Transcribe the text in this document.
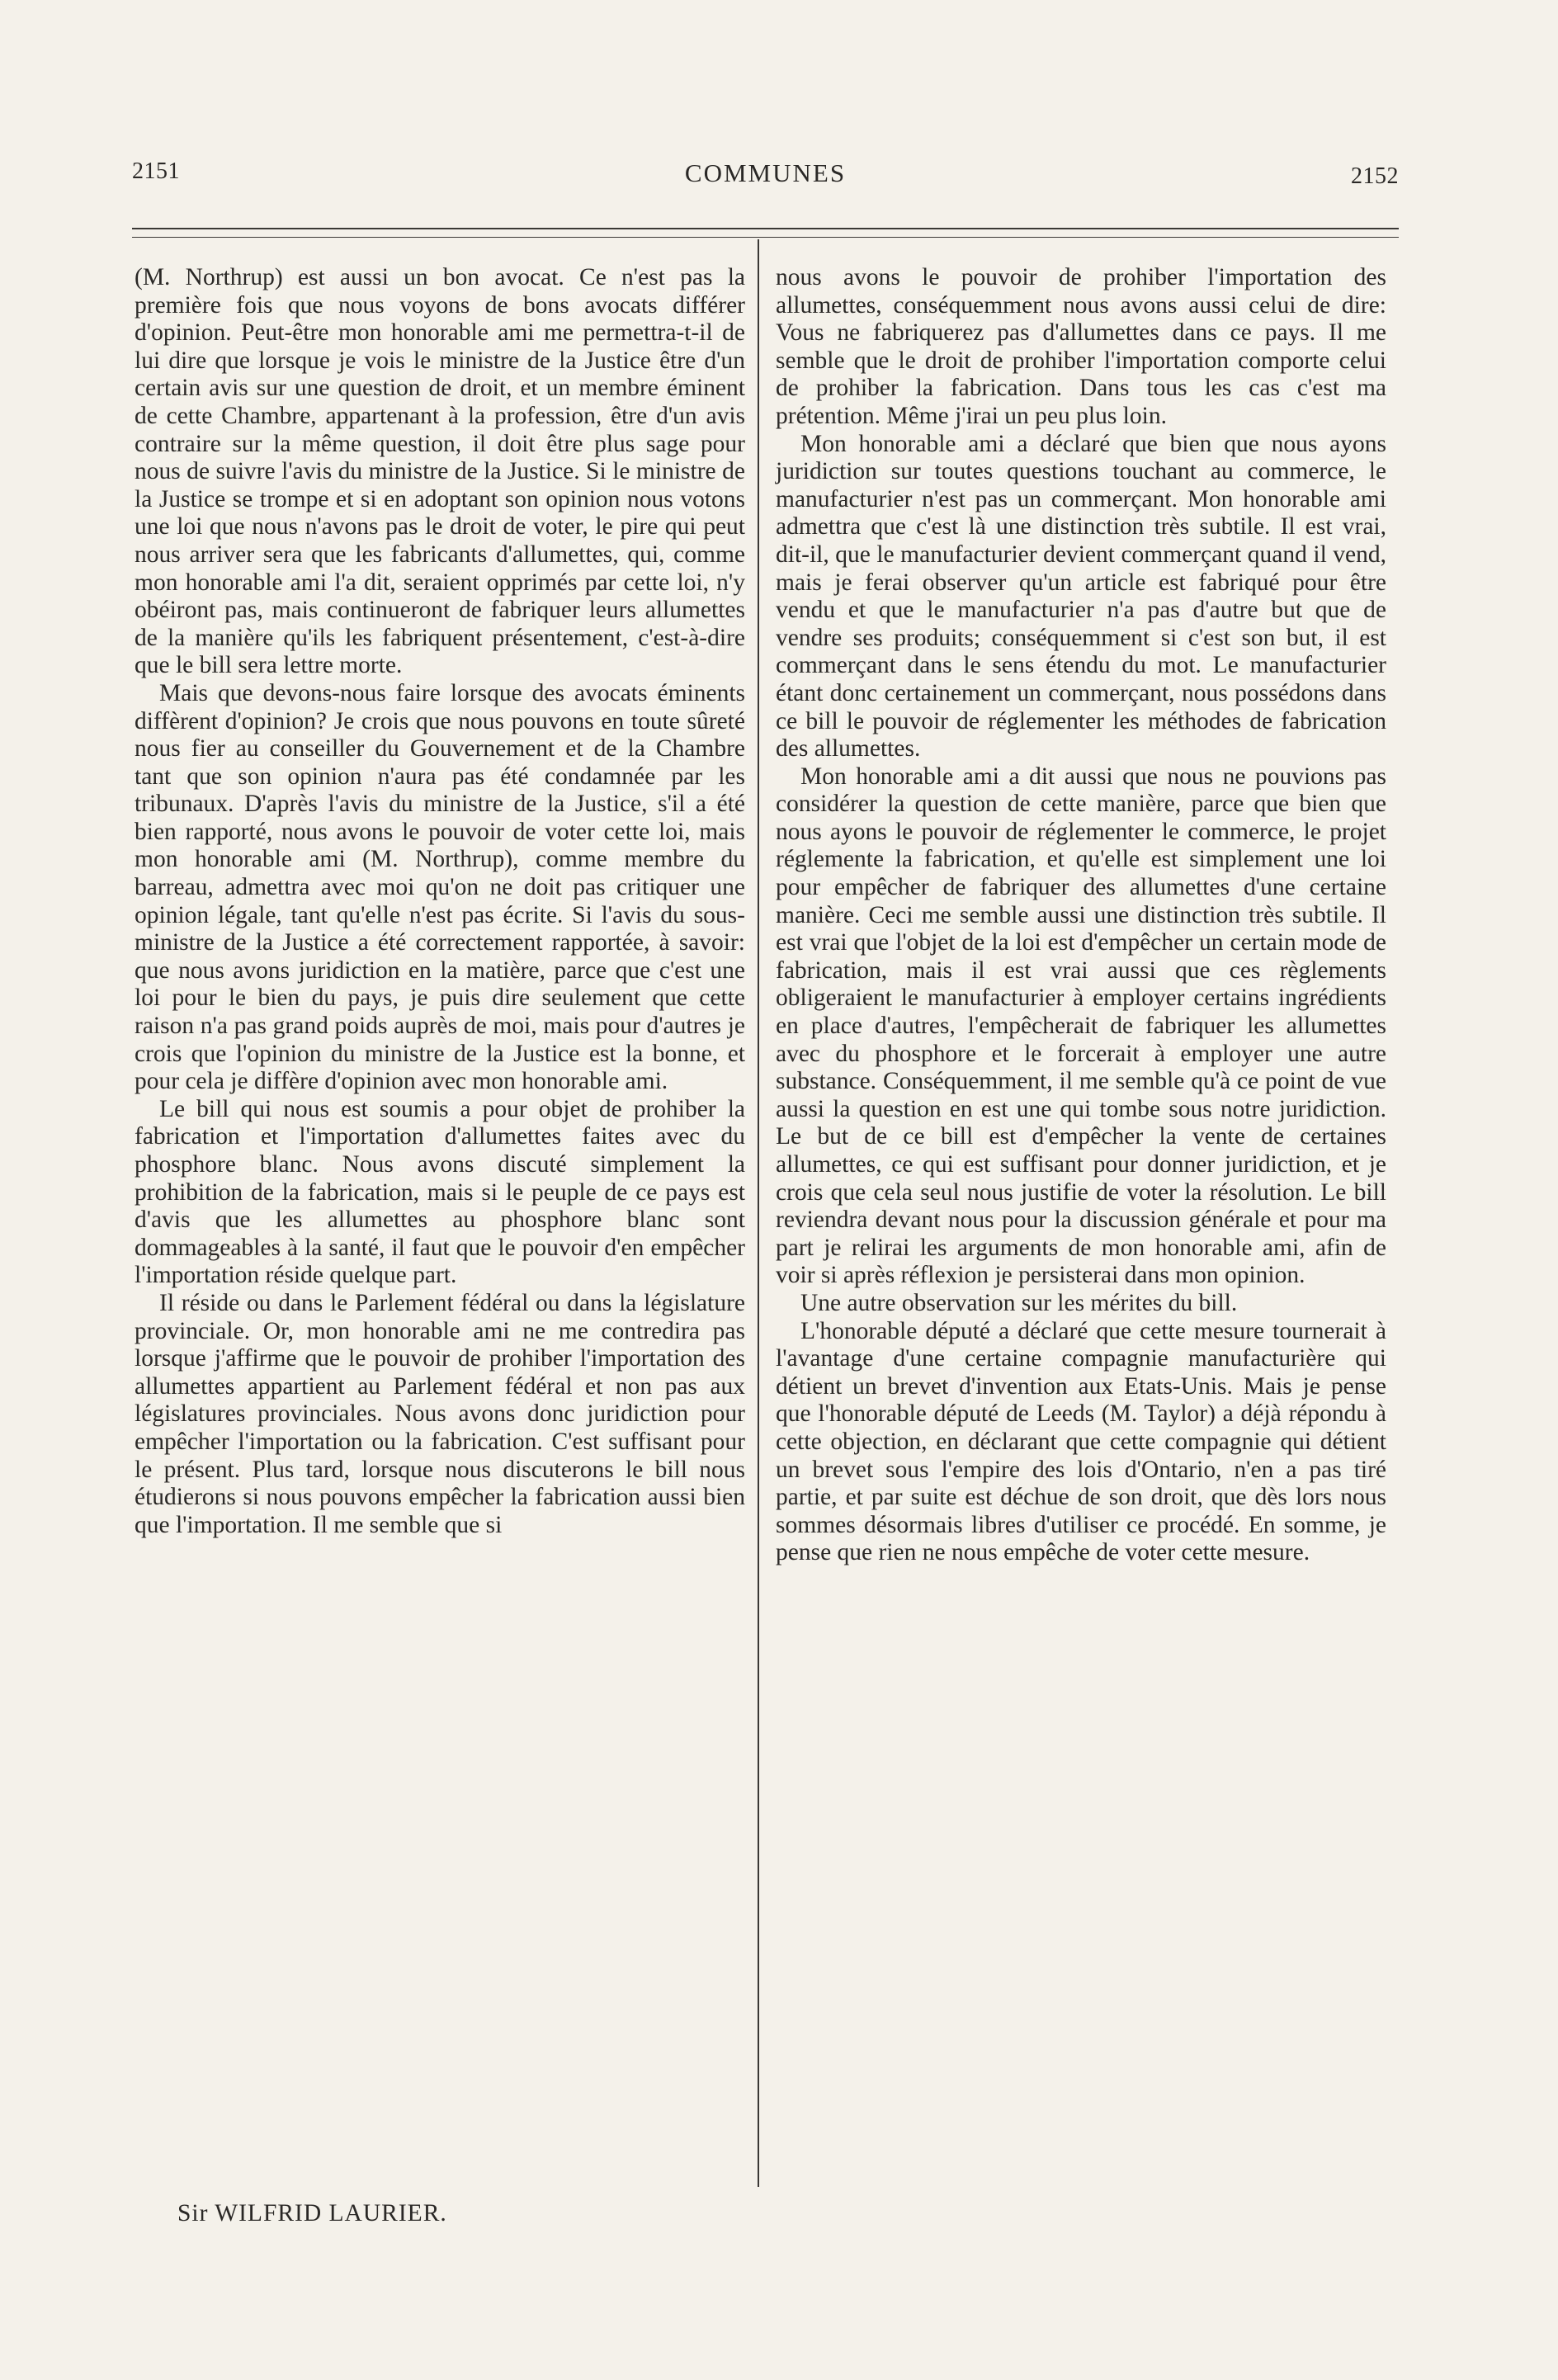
2151	COMMUNES	2152

(M. Northrup) est aussi un bon avocat. Ce n'est pas la première fois que nous voyons de bons avocats différer d'opinion. Peut-être mon honorable ami me permettra-t-il de lui dire que lorsque je vois le ministre de la Justice être d'un certain avis sur une question de droit, et un membre éminent de cette Chambre, appartenant à la profession, être d'un avis contraire sur la même question, il doit être plus sage pour nous de suivre l'avis du ministre de la Justice. Si le ministre de la Justice se trompe et si en adoptant son opinion nous votons une loi que nous n'avons pas le droit de voter, le pire qui peut nous arriver sera que les fabricants d'allumettes, qui, comme mon honorable ami l'a dit, seraient opprimés par cette loi, n'y obéiront pas, mais continueront de fabriquer leurs allumettes de la manière qu'ils les fabriquent présentement, c'est-à-dire que le bill sera lettre morte.

Mais que devons-nous faire lorsque des avocats éminents diffèrent d'opinion? Je crois que nous pouvons en toute sûreté nous fier au conseiller du Gouvernement et de la Chambre tant que son opinion n'aura pas été condamnée par les tribunaux. D'après l'avis du ministre de la Justice, s'il a été bien rapporté, nous avons le pouvoir de voter cette loi, mais mon honorable ami (M. Northrup), comme membre du barreau, admettra avec moi qu'on ne doit pas critiquer une opinion légale, tant qu'elle n'est pas écrite. Si l'avis du sous-ministre de la Justice a été correctement rapportée, à savoir: que nous avons juridiction en la matière, parce que c'est une loi pour le bien du pays, je puis dire seulement que cette raison n'a pas grand poids auprès de moi, mais pour d'autres je crois que l'opinion du ministre de la Justice est la bonne, et pour cela je diffère d'opinion avec mon honorable ami.

Le bill qui nous est soumis a pour objet de prohiber la fabrication et l'importation d'allumettes faites avec du phosphore blanc. Nous avons discuté simplement la prohibition de la fabrication, mais si le peuple de ce pays est d'avis que les allumettes au phosphore blanc sont dommageables à la santé, il faut que le pouvoir d'en empêcher l'importation réside quelque part.

Il réside ou dans le Parlement fédéral ou dans la législature provinciale. Or, mon honorable ami ne me contredira pas lorsque j'affirme que le pouvoir de prohiber l'importation des allumettes appartient au Parlement fédéral et non pas aux législatures provinciales. Nous avons donc juridiction pour empêcher l'importation ou la fabrication. C'est suffisant pour le présent. Plus tard, lorsque nous discuterons le bill nous étudierons si nous pouvons empêcher la fabrication aussi bien que l'importation. Il me semble que si

Sir WILFRID LAURIER.

nous avons le pouvoir de prohiber l'importation des allumettes, conséquemment nous avons aussi celui de dire: Vous ne fabriquerez pas d'allumettes dans ce pays. Il me semble que le droit de prohiber l'importation comporte celui de prohiber la fabrication. Dans tous les cas c'est ma prétention. Même j'irai un peu plus loin.

Mon honorable ami a déclaré que bien que nous ayons juridiction sur toutes questions touchant au commerce, le manufacturier n'est pas un commerçant. Mon honorable ami admettra que c'est là une distinction très subtile. Il est vrai, dit-il, que le manufacturier devient commerçant quand il vend, mais je ferai observer qu'un article est fabriqué pour être vendu et que le manufacturier n'a pas d'autre but que de vendre ses produits; conséquemment si c'est son but, il est commerçant dans le sens étendu du mot. Le manufacturier étant donc certainement un commerçant, nous possédons dans ce bill le pouvoir de réglementer les méthodes de fabrication des allumettes.

Mon honorable ami a dit aussi que nous ne pouvions pas considérer la question de cette manière, parce que bien que nous ayons le pouvoir de réglementer le commerce, le projet réglemente la fabrication, et qu'elle est simplement une loi pour empêcher de fabriquer des allumettes d'une certaine manière. Ceci me semble aussi une distinction très subtile. Il est vrai que l'objet de la loi est d'empêcher un certain mode de fabrication, mais il est vrai aussi que ces règlements obligeraient le manufacturier à employer certains ingrédients en place d'autres, l'empêcherait de fabriquer les allumettes avec du phosphore et le forcerait à employer une autre substance. Conséquemment, il me semble qu'à ce point de vue aussi la question en est une qui tombe sous notre juridiction. Le but de ce bill est d'empêcher la vente de certaines allumettes, ce qui est suffisant pour donner juridiction, et je crois que cela seul nous justifie de voter la résolution. Le bill reviendra devant nous pour la discussion générale et pour ma part je relirai les arguments de mon honorable ami, afin de voir si après réflexion je persisterai dans mon opinion.

Une autre observation sur les mérites du bill.

L'honorable député a déclaré que cette mesure tournerait à l'avantage d'une certaine compagnie manufacturière qui détient un brevet d'invention aux Etats-Unis. Mais je pense que l'honorable député de Leeds (M. Taylor) a déjà répondu à cette objection, en déclarant que cette compagnie qui détient un brevet sous l'empire des lois d'Ontario, n'en a pas tiré partie, et par suite est déchue de son droit, que dès lors nous sommes désormais libres d'utiliser ce procédé. En somme, je pense que rien ne nous empêche de voter cette mesure.
